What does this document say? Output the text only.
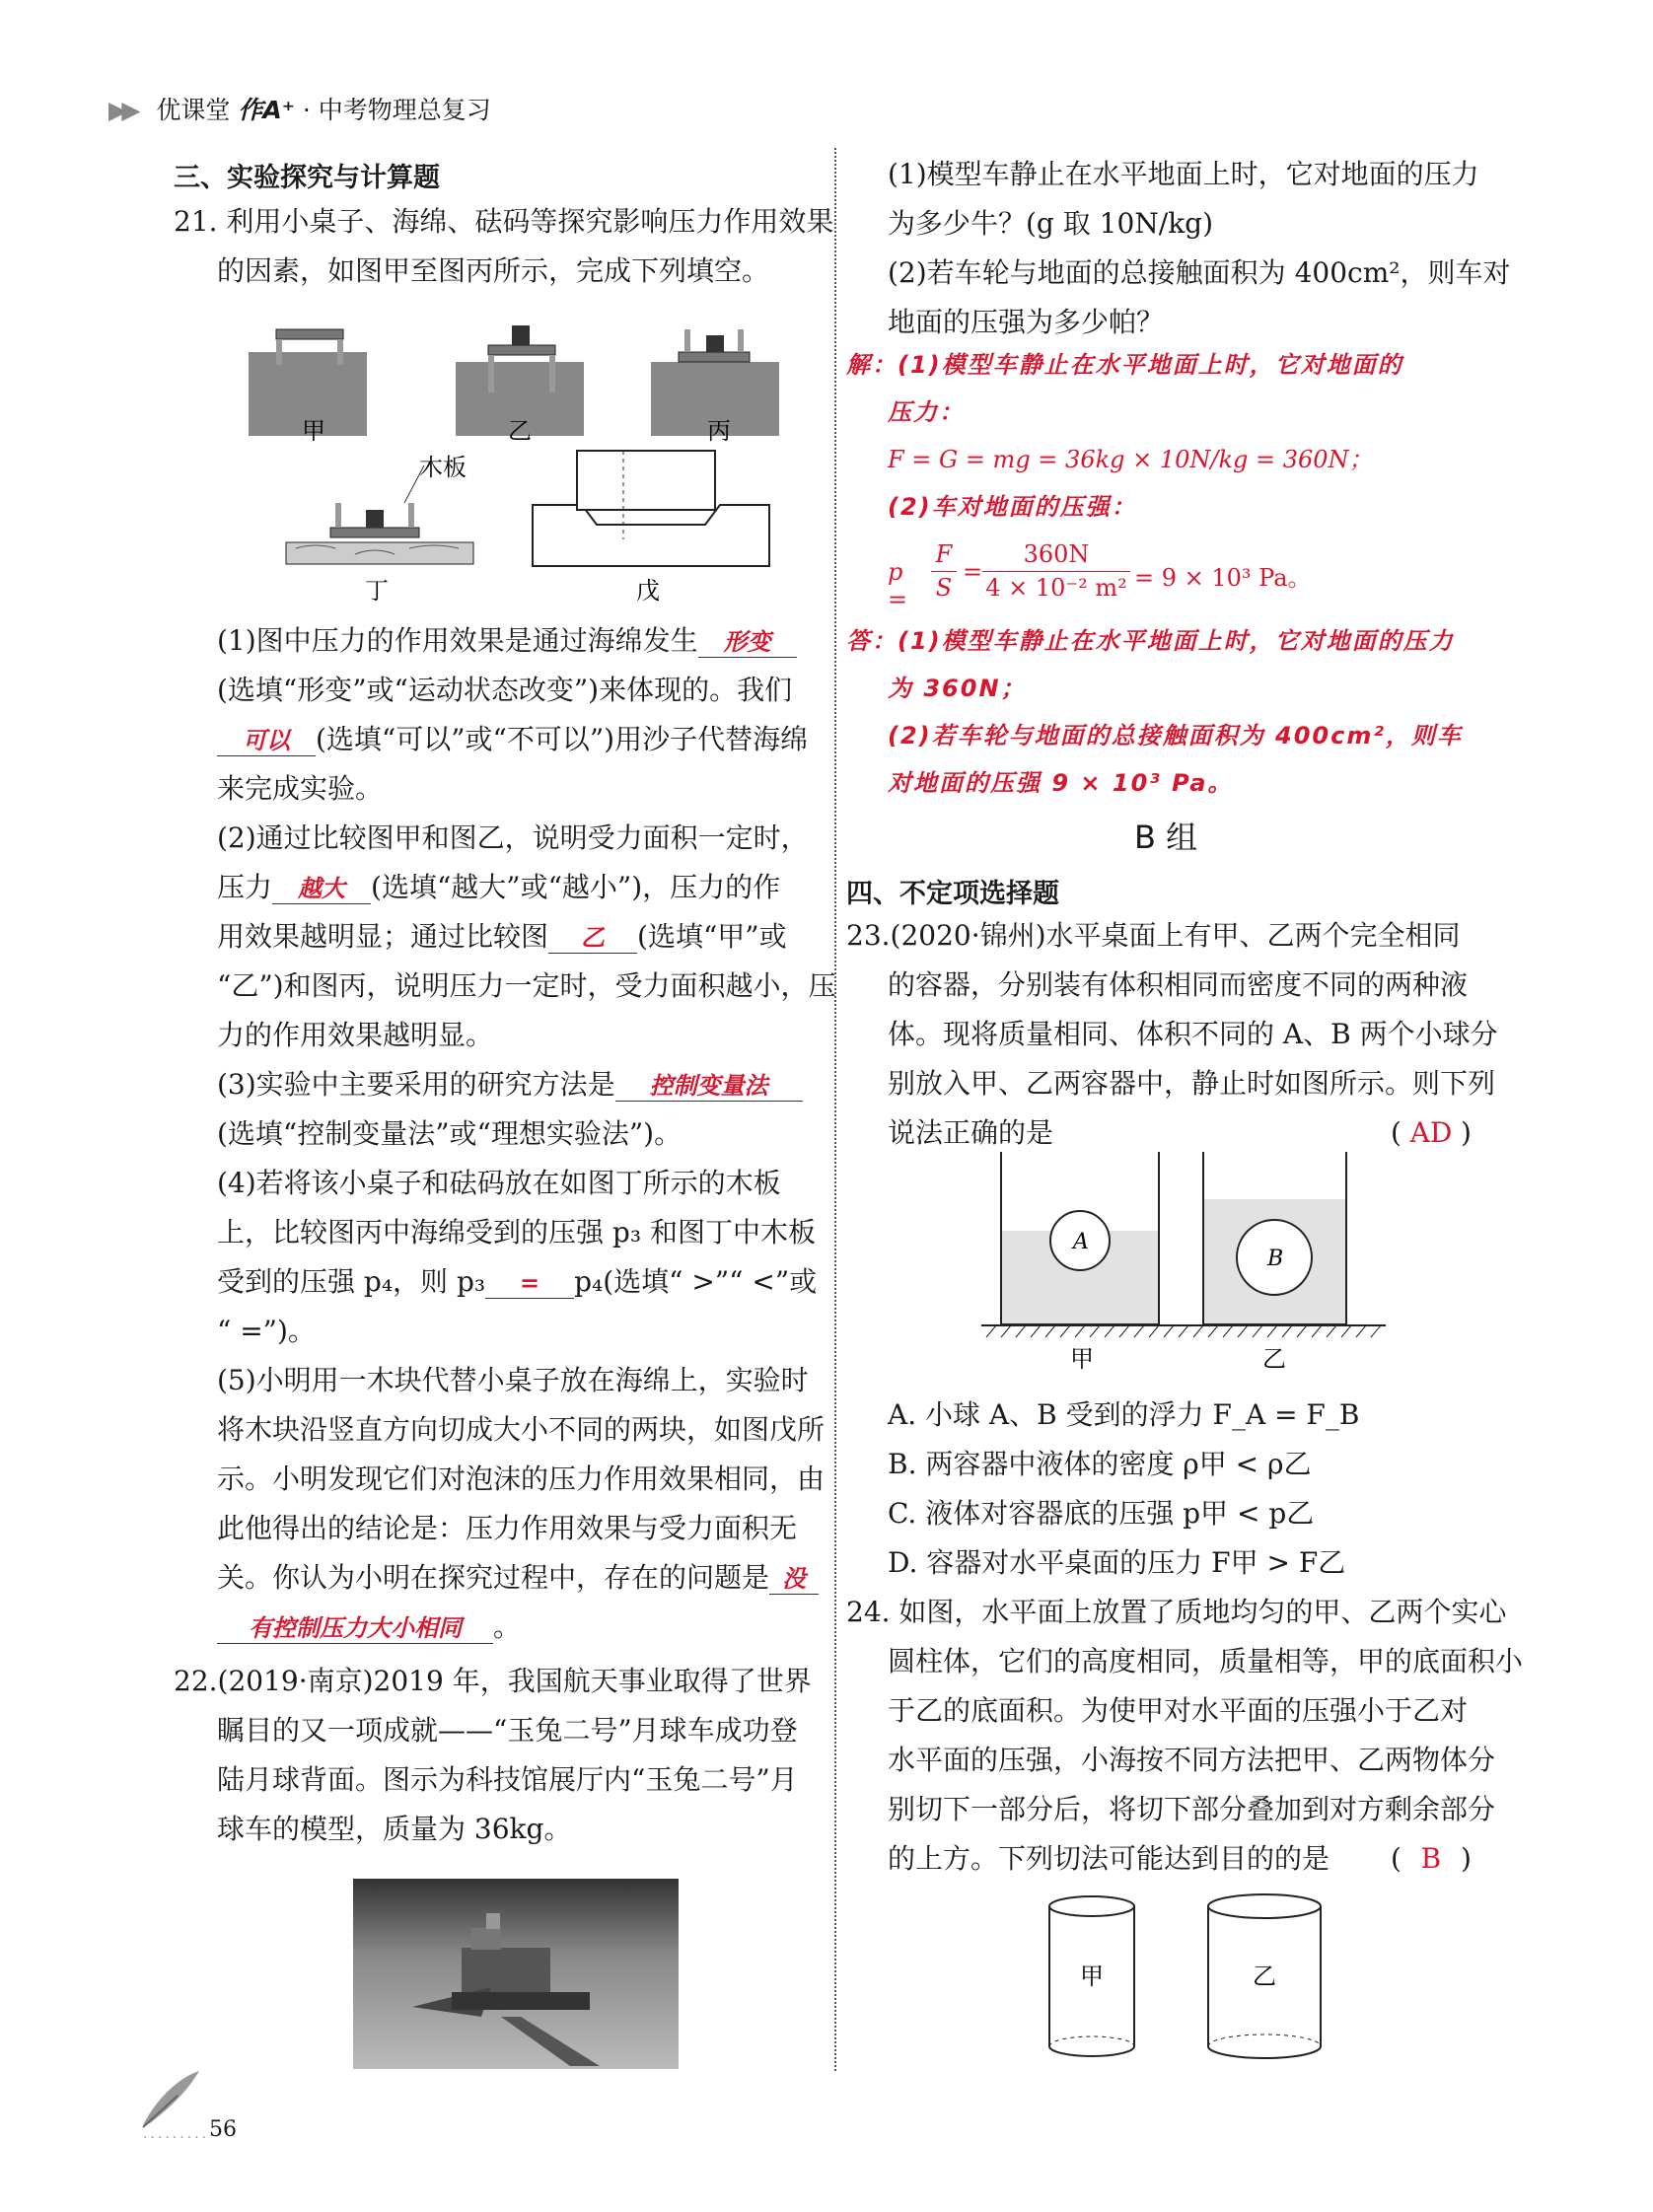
▶▶ 优课堂 作A⁺ · 中考物理总复习
三、实验探究与计算题
21. 利用小桌子、海绵、砝码等探究影响压力作用效果
的因素，如图甲至图丙所示，完成下列填空。
甲	乙	丙
丁	戊
木板
(1)图中压力的作用效果是通过海绵发生 形变
(选填“形变”或“运动状态改变”)来体现的。我们
可以 (选填“可以”或“不可以”)用沙子代替海绵
来完成实验。
(2)通过比较图甲和图乙，说明受力面积一定时，
压力 越大 (选填“越大”或“越小”)，压力的作
用效果越明显；通过比较图 乙 (选填“甲”或
“乙”)和图丙，说明压力一定时，受力面积越小，压
力的作用效果越明显。
(3)实验中主要采用的研究方法是 控制变量法
(选填“控制变量法”或“理想实验法”)。
(4)若将该小桌子和砝码放在如图丁所示的木板
上，比较图丙中海绵受到的压强 p₃ 和图丁中木板
受到的压强 p₄，则 p₃ = p₄(选填“ >”“ <”或
“ =”)。
(5)小明用一木块代替小桌子放在海绵上，实验时
将木块沿竖直方向切成大小不同的两块，如图戊所
示。小明发现它们对泡沫的压力作用效果相同，由
此他得出的结论是：压力作用效果与受力面积无
关。你认为小明在探究过程中，存在的问题是 没
有控制压力大小相同 。
22.(2019·南京)2019 年，我国航天事业取得了世界
瞩目的又一项成就——“玉兔二号”月球车成功登
陆月球背面。图示为科技馆展厅内“玉兔二号”月
球车的模型，质量为 36kg。
(1)模型车静止在水平地面上时，它对地面的压力
为多少牛？(g 取 10N/kg)
(2)若车轮与地面的总接触面积为 400cm²，则车对
地面的压强为多少帕？
解：(1)模型车静止在水平地面上时，它对地面的
压力：
F = G = mg = 36kg × 10N/kg = 360N；
(2)车对地面的压强：
p =
F
S
=
360N
4 × 10⁻² m² = 9 × 10³ Pa。
答：(1)模型车静止在水平地面上时，它对地面的压力
为 360N；
(2)若车轮与地面的总接触面积为 400cm²，则车
对地面的压强 9 × 10³ Pa。
B 组
四、不定项选择题
23.(2020·锦州)水平桌面上有甲、乙两个完全相同
的容器，分别装有体积相同而密度不同的两种液
体。现将质量相同、体积不同的 A、B 两个小球分
别放入甲、乙两容器中，静止时如图所示。则下列
说法正确的是	( AD )
A
B
甲	乙
A. 小球 A、B 受到的浮力 F_A = F_B
B. 两容器中液体的密度 ρ甲 < ρ乙
C. 液体对容器底的压强 p甲 < p乙
D. 容器对水平桌面的压力 F甲 > F乙
24. 如图，水平面上放置了质地均匀的甲、乙两个实心
圆柱体，它们的高度相同，质量相等，甲的底面积小
于乙的底面积。为使甲对水平面的压强小于乙对
水平面的压强，小海按不同方法把甲、乙两物体分
别切下一部分后，将切下部分叠加到对方剩余部分
的上方。下列切法可能达到目的的是 ( B )
甲	乙
········· 56
